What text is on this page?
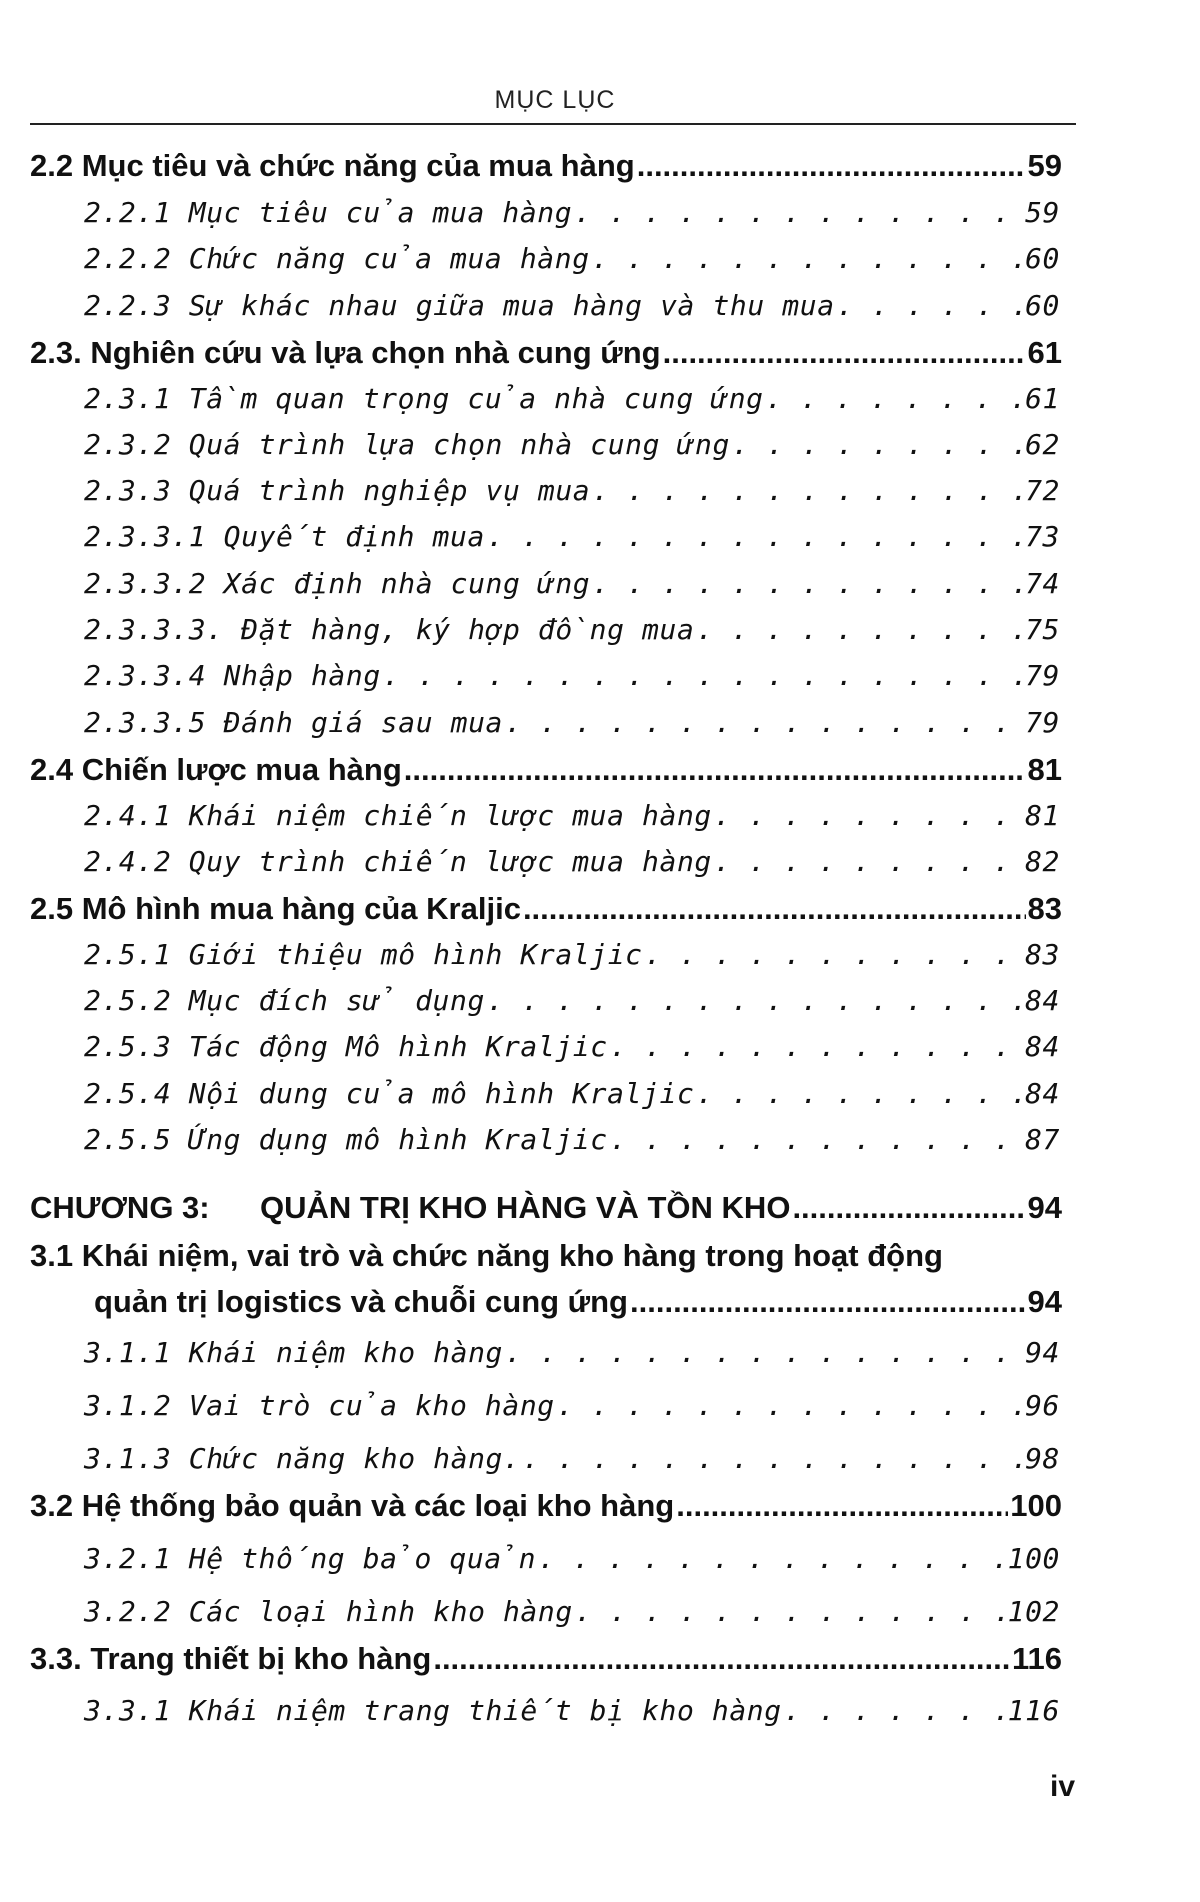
MỤC LỤC
2.2 Mục tiêu và chức năng của mua hàng .....	59
2.2.1 Mục tiêu của mua hàng . . .	59
2.2.2 Chức năng của mua hàng . . .	60
2.2.3 Sự khác nhau giữa mua hàng và thu mua . . .	60
2.3. Nghiên cứu và lựa chọn nhà cung ứng .....	61
2.3.1 Tầm quan trọng của nhà cung ứng . . .	61
2.3.2 Quá trình lựa chọn nhà cung ứng . . .	62
2.3.3 Quá trình nghiệp vụ mua . . .	72
2.3.3.1 Quyết định mua . . .	73
2.3.3.2 Xác định nhà cung ứng . . .	74
2.3.3.3. Đặt hàng, ký hợp đồng mua . . .	75
2.3.3.4 Nhập hàng . . .	79
2.3.3.5 Đánh giá sau mua . . .	79
2.4 Chiến lược mua hàng .....	81
2.4.1 Khái niệm chiến lược mua hàng . . .	81
2.4.2 Quy trình chiến lược mua hàng . . .	82
2.5 Mô hình mua hàng của Kraljic .....	83
2.5.1 Giới thiệu mô hình Kraljic . . .	83
2.5.2 Mục đích sử dụng . . .	84
2.5.3 Tác động Mô hình Kraljic . . .	84
2.5.4 Nội dung của mô hình Kraljic . . .	84
2.5.5 Ứng dụng mô hình Kraljic . . .	87
CHƯƠNG 3:	QUẢN TRỊ KHO HÀNG VÀ TỒN KHO .....	94
3.1 Khái niệm, vai trò và chức năng kho hàng trong hoạt động
quản trị logistics và chuỗi cung ứng .....	94
3.1.1 Khái niệm kho hàng . . .	94
3.1.2 Vai trò của kho hàng . . .	96
3.1.3 Chức năng kho hàng. . . .	98
3.2 Hệ thống bảo quản và các loại kho hàng .....	100
3.2.1 Hệ thống bảo quản . . .	100
3.2.2 Các loại hình kho hàng . . .	102
3.3. Trang thiết bị kho hàng .....	116
3.3.1 Khái niệm trang thiết bị kho hàng . . .	116
iv
